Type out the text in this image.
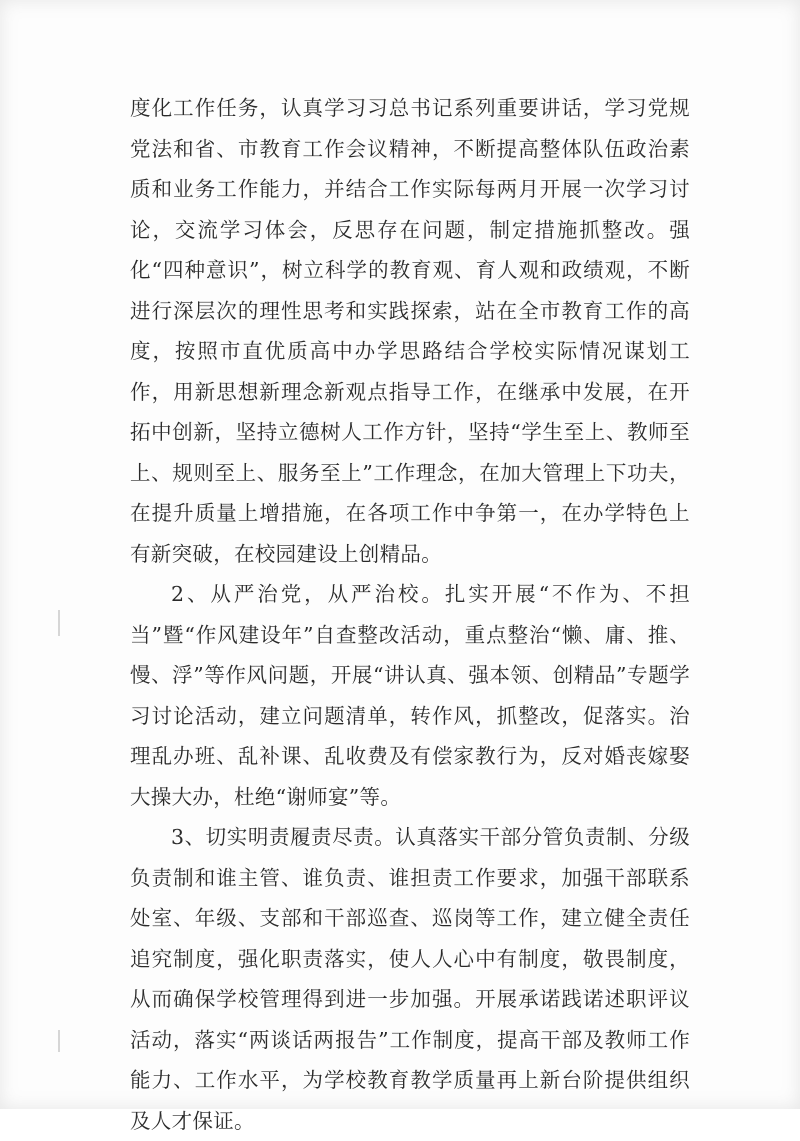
度化工作任务，认真学习习总书记系列重要讲话，学习党规党法和省、市教育工作会议精神，不断提高整体队伍政治素质和业务工作能力，并结合工作实际每两月开展一次学习讨论，交流学习体会，反思存在问题，制定措施抓整改。强化“四种意识”，树立科学的教育观、育人观和政绩观，不断进行深层次的理性思考和实践探索，站在全市教育工作的高度，按照市直优质高中办学思路结合学校实际情况谋划工作，用新思想新理念新观点指导工作，在继承中发展，在开拓中创新，坚持立德树人工作方针，坚持“学生至上、教师至上、规则至上、服务至上”工作理念，在加大管理上下功夫，在提升质量上增措施，在各项工作中争第一，在办学特色上有新突破，在校园建设上创精品。

2、从严治党，从严治校。扎实开展“不作为、不担当”暨“作风建设年”自查整改活动，重点整治“懒、庸、推、慢、浮”等作风问题，开展“讲认真、强本领、创精品”专题学习讨论活动，建立问题清单，转作风，抓整改，促落实。治理乱办班、乱补课、乱收费及有偿家教行为，反对婚丧嫁娶大操大办，杜绝“谢师宴”等。

3、切实明责履责尽责。认真落实干部分管负责制、分级负责制和谁主管、谁负责、谁担责工作要求，加强干部联系处室、年级、支部和干部巡查、巡岗等工作，建立健全责任追究制度，强化职责落实，使人人心中有制度，敬畏制度，从而确保学校管理得到进一步加强。开展承诺践诺述职评议活动，落实“两谈话两报告”工作制度，提高干部及教师工作能力、工作水平，为学校教育教学质量再上新台阶提供组织及人才保证。
